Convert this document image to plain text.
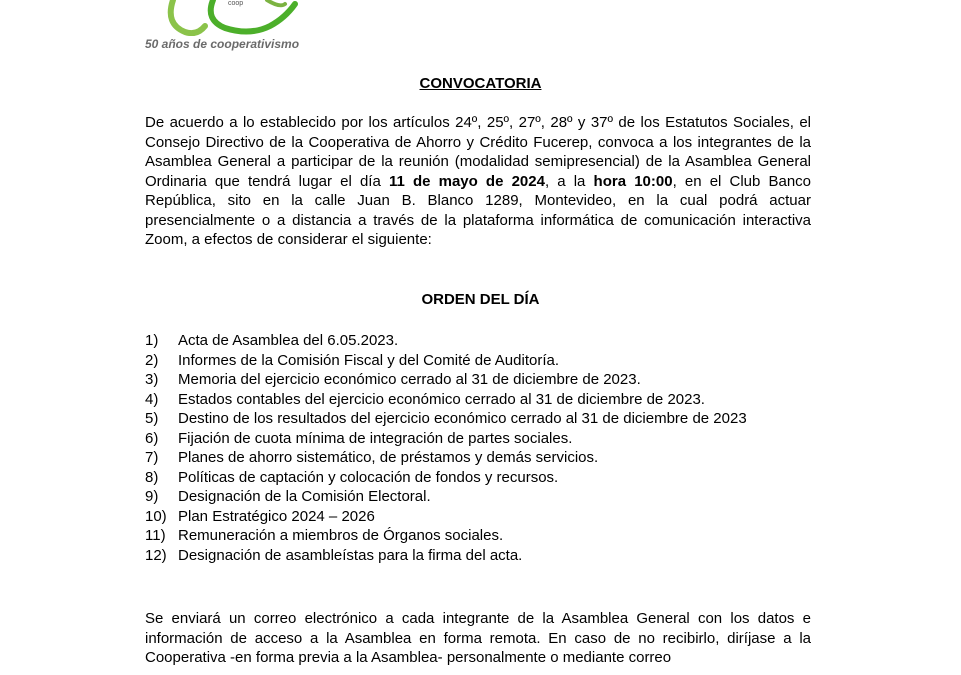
coop
50 años de cooperativismo
CONVOCATORIA
De acuerdo a lo establecido por los artículos 24º, 25º, 27º, 28º y 37º de los Estatutos Sociales, el Consejo Directivo de la Cooperativa de Ahorro y Crédito Fucerep, convoca a los integrantes de la Asamblea General a participar de la reunión (modalidad semipresencial) de la Asamblea General Ordinaria que tendrá lugar el día 11 de mayo de 2024, a la hora 10:00, en el Club Banco República, sito en la calle Juan B. Blanco 1289, Montevideo, en la cual podrá actuar presencialmente o a distancia a través de la plataforma informática de comunicación interactiva Zoom, a efectos de considerar el siguiente:
ORDEN DEL DÍA
1)	Acta de Asamblea del 6.05.2023.
2)	Informes de la Comisión Fiscal y del Comité de Auditoría.
3)	Memoria del ejercicio económico cerrado al 31 de diciembre de 2023.
4)	Estados contables del ejercicio económico cerrado al 31 de diciembre de 2023.
5)	Destino de los resultados del ejercicio económico cerrado al 31 de diciembre de 2023
6)	Fijación de cuota mínima de integración de partes sociales.
7)	Planes de ahorro sistemático, de préstamos y demás servicios.
8)	Políticas de captación y colocación de fondos y recursos.
9)	Designación de la Comisión Electoral.
10) Plan Estratégico 2024 – 2026
11) Remuneración a miembros de Órganos sociales.
12) Designación de asambleístas para la firma del acta.
Se enviará un correo electrónico a cada integrante de la Asamblea General con los datos e información de acceso a la Asamblea en forma remota. En caso de no recibirlo, diríjase a la Cooperativa -en forma previa a la Asamblea- personalmente o mediante correo
